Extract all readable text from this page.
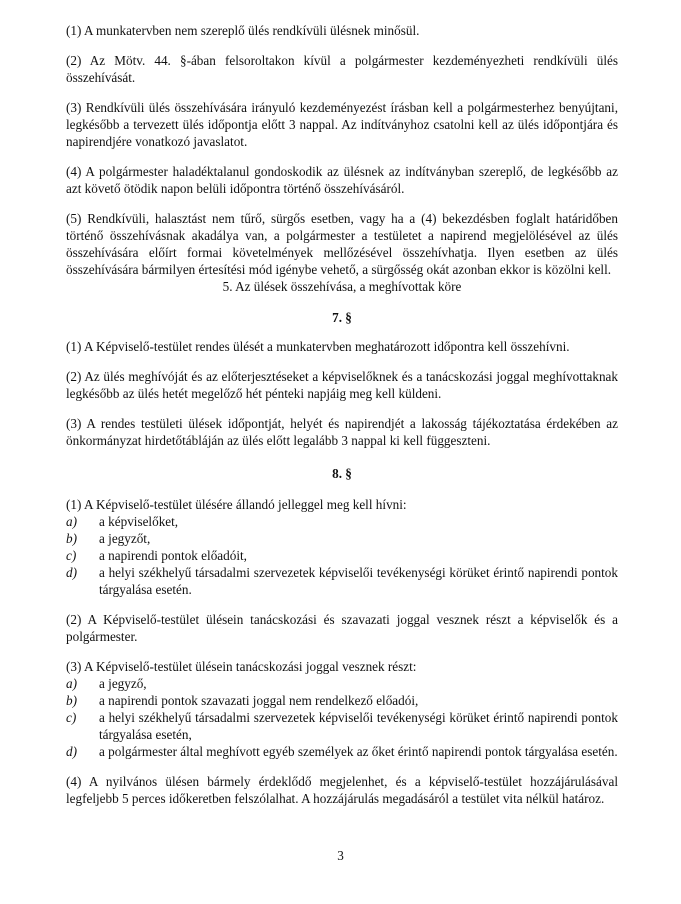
(1) A munkatervben nem szereplő ülés rendkívüli ülésnek minősül.

(2) Az Mötv. 44. §-ában felsoroltakon kívül a polgármester kezdeményezheti rendkívüli ülés összehívását.

(3) Rendkívüli ülés összehívására irányuló kezdeményezést írásban kell a polgármesterhez benyújtani, legkésőbb a tervezett ülés időpontja előtt 3 nappal. Az indítványhoz csatolni kell az ülés időpontjára és napirendjére vonatkozó javaslatot.

(4) A polgármester haladéktalanul gondoskodik az ülésnek az indítványban szereplő, de legkésőbb az azt követő ötödik napon belüli időpontra történő összehívásáról.

(5) Rendkívüli, halasztást nem tűrő, sürgős esetben, vagy ha a (4) bekezdésben foglalt határidőben történő összehívásnak akadálya van, a polgármester a testületet a napirend megjelölésével az ülés összehívására előírt formai követelmények mellőzésével összehívhatja. Ilyen esetben az ülés összehívására bármilyen értesítési mód igénybe vehető, a sürgősség okát azonban ekkor is közölni kell.

5. Az ülések összehívása, a meghívottak köre

7. §

(1) A Képviselő-testület rendes ülését a munkatervben meghatározott időpontra kell összehívni.

(2) Az ülés meghívóját és az előterjesztéseket a képviselőknek és a tanácskozási joggal meghívottaknak legkésőbb az ülés hetét megelőző hét pénteki napjáig meg kell küldeni.

(3) A rendes testületi ülések időpontját, helyét és napirendjét a lakosság tájékoztatása érdekében az önkormányzat hirdetőtábláján az ülés előtt legalább 3 nappal ki kell függeszteni.

8. §

(1) A Képviselő-testület ülésére állandó jelleggel meg kell hívni:

a) a képviselőket,
b) a jegyzőt,
c) a napirendi pontok előadóit,
d) a helyi székhelyű társadalmi szervezetek képviselői tevékenységi körüket érintő napirendi pontok tárgyalása esetén.

(2) A Képviselő-testület ülésein tanácskozási és szavazati joggal vesznek részt a képviselők és a polgármester.

(3) A Képviselő-testület ülésein tanácskozási joggal vesznek részt:

a) a jegyző,
b) a napirendi pontok szavazati joggal nem rendelkező előadói,
c) a helyi székhelyű társadalmi szervezetek képviselői tevékenységi körüket érintő napirendi pontok tárgyalása esetén,
d) a polgármester által meghívott egyéb személyek az őket érintő napirendi pontok tárgyalása esetén.

(4) A nyilvános ülésen bármely érdeklődő megjelenhet, és a képviselő-testület hozzájárulásával legfeljebb 5 perces időkeretben felszólalhat. A hozzájárulás megadásáról a testület vita nélkül határoz.

3
